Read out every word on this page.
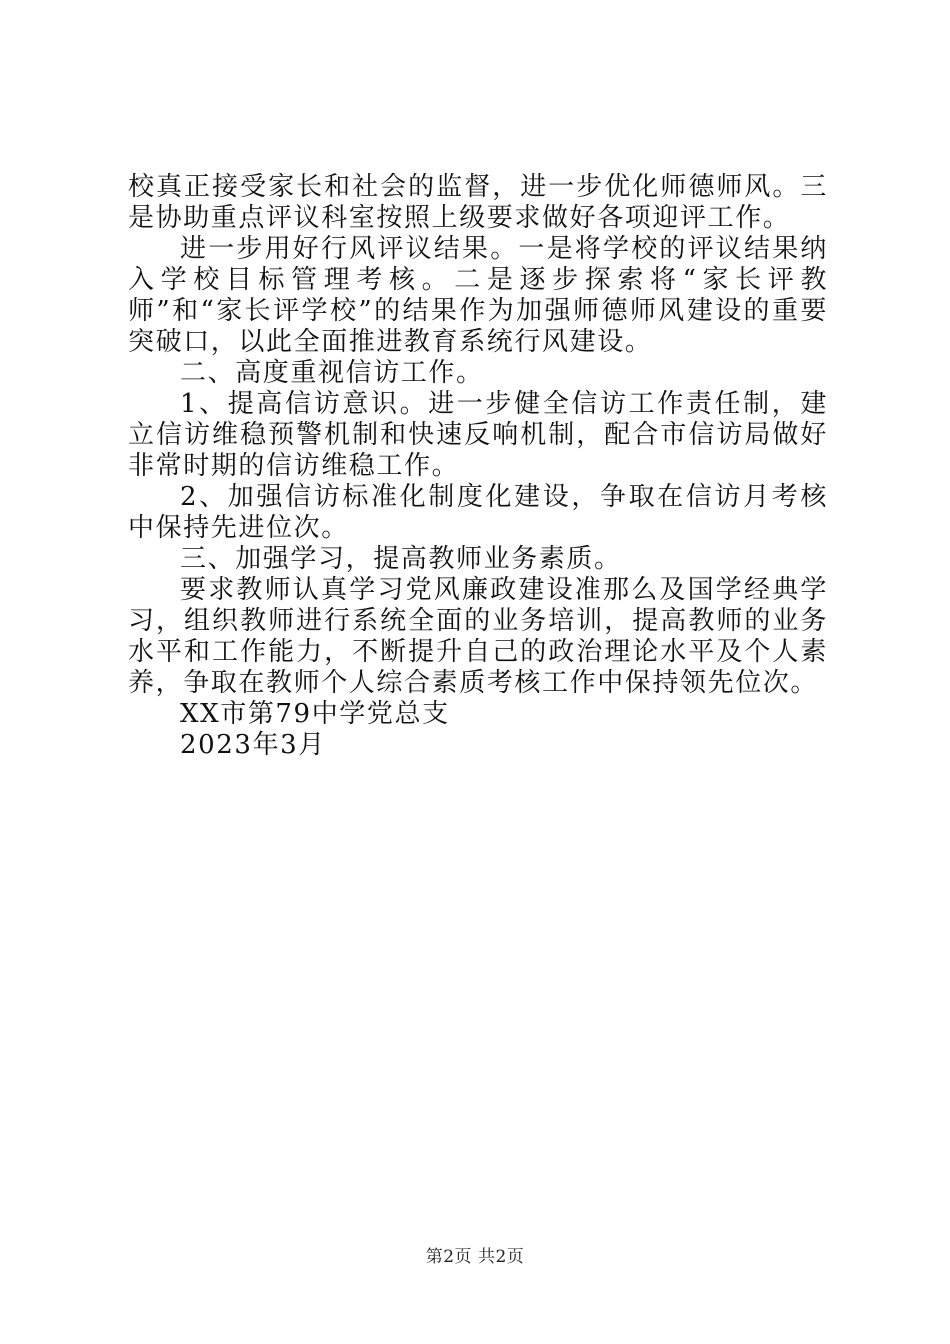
校真正接受家长和社会的监督，进一步优化师德师风。三是协助重点评议科室按照上级要求做好各项迎评工作。

进一步用好行风评议结果。一是将学校的评议结果纳入学校目标管理考核。二是逐步探索将“家长评教师”和“家长评学校”的结果作为加强师德师风建设的重要突破口，以此全面推进教育系统行风建设。

二、高度重视信访工作。

1、提高信访意识。进一步健全信访工作责任制，建立信访维稳预警机制和快速反响机制，配合市信访局做好非常时期的信访维稳工作。

2、加强信访标准化制度化建设，争取在信访月考核中保持先进位次。

三、加强学习，提高教师业务素质。

要求教师认真学习党风廉政建设准那么及国学经典学习，组织教师进行系统全面的业务培训，提高教师的业务水平和工作能力，不断提升自己的政治理论水平及个人素养，争取在教师个人综合素质考核工作中保持领先位次。

XX市第79中学党总支

2023年3月

第2页 共2页
